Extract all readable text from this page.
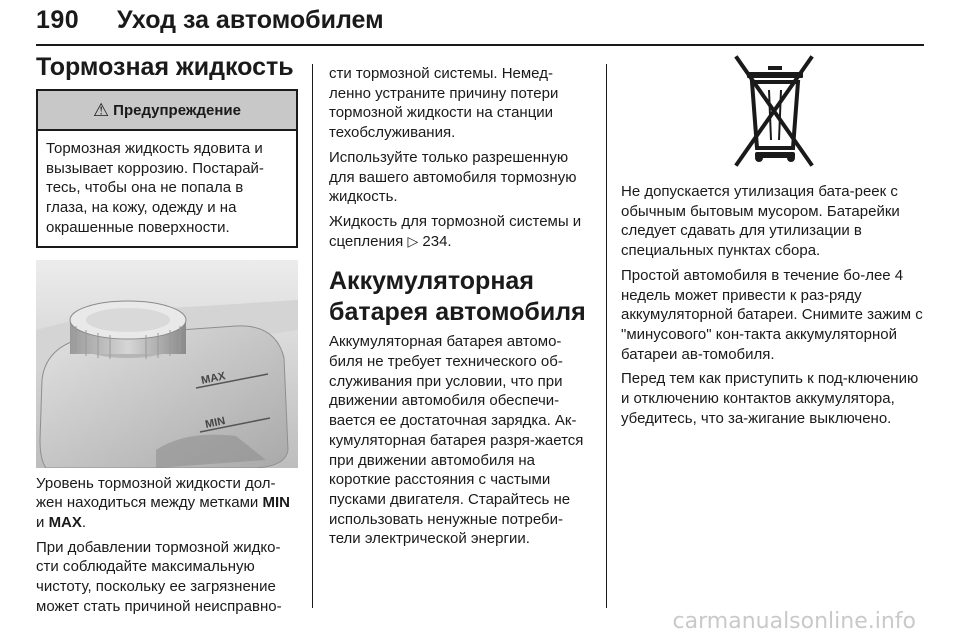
190 Уход за автомобилем
Тормозная жидкость
⚠ Предупреждение

Тормозная жидкость ядовита и вызывает коррозию. Постарай-тесь, чтобы она не попала в глаза, на кожу, одежду и на окрашенные поверхности.

MAX
MIN

Уровень тормозной жидкости дол-жен находиться между метками MIN и MAX.

При добавлении тормозной жидко-сти соблюдайте максимальную чистоту, поскольку ее загрязнение может стать причиной неисправно-

сти тормозной системы. Немед-ленно устраните причину потери тормозной жидкости на станции техобслуживания.

Используйте только разрешенную для вашего автомобиля тормозную жидкость.

Жидкость для тормозной системы и сцепления ▷ 234.

Аккумуляторная батарея автомобиля

Аккумуляторная батарея автомо-биля не требует технического об-служивания при условии, что при движении автомобиля обеспечи-вается ее достаточная зарядка. Ак-кумуляторная батарея разря-жается при движении автомобиля на короткие расстояния с частыми пусками двигателя. Старайтесь не использовать ненужные потреби-тели электрической энергии.

Не допускается утилизация бата-реек с обычным бытовым мусором. Батарейки следует сдавать для утилизации в специальных пунктах сбора.

Простой автомобиля в течение бо-лее 4 недель может привести к раз-ряду аккумуляторной батареи. Снимите зажим с "минусового" кон-такта аккумуляторной батареи ав-томобиля.

Перед тем как приступить к под-ключению и отключению контактов аккумулятора, убедитесь, что за-жигание выключено.

carmanualsonline.info
